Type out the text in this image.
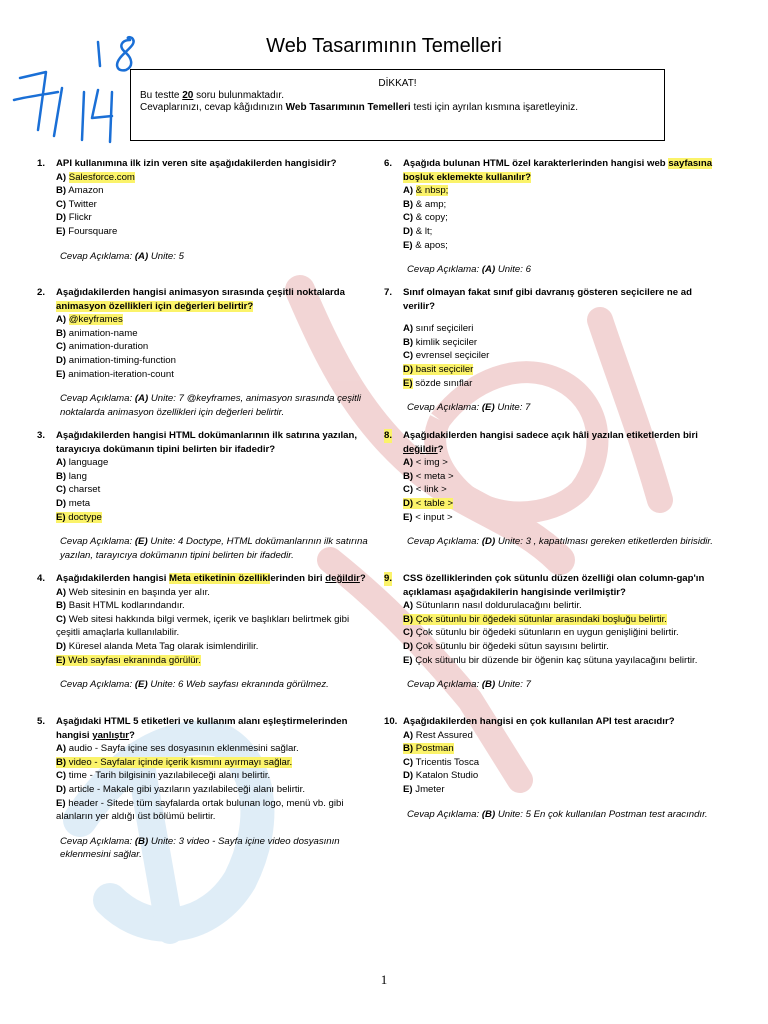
18
Web Tasarımının Temelleri
DİKKAT!
Bu testte 20 soru bulunmaktadır.
Cevaplarınızı, cevap kâğıdınızın Web Tasarımının Temelleri testi için ayrılan kısmına işaretleyiniz.
1. API kullanımına ilk izin veren site aşağıdakilerden hangisidir?
A) Salesforce.com
B) Amazon
C) Twitter
D) Flickr
E) Foursquare
Cevap Açıklama: (A) Unite: 5
2. Aşağıdakilerden hangisi animasyon sırasında çeşitli noktalarda animasyon özellikleri için değerleri belirtir?
A) @keyframes
B) animation-name
C) animation-duration
D) animation-timing-function
E) animation-iteration-count
Cevap Açıklama: (A) Unite: 7 @keyframes, animasyon sırasında çeşitli noktalarda animasyon özellikleri için değerleri belirtir.
3. Aşağıdakilerden hangisi HTML dokümanlarının ilk satırına yazılan, tarayıcıya dokümanın tipini belirten bir ifadedir?
A) language
B) lang
C) charset
D) meta
E) doctype
Cevap Açıklama: (E) Unite: 4 Doctype, HTML dokümanlarının ilk satırına yazılan, tarayıcıya dokümanın tipini belirten bir ifadedir.
4. Aşağıdakilerden hangisi Meta etiketinin özelliklerinden biri değildir?
A) Web sitesinin en başında yer alır.
B) Basit HTML kodlarındandır.
C) Web sitesi hakkında bilgi vermek, içerik ve başlıkları belirtmek gibi çeşitli amaçlarla kullanılabilir.
D) Küresel alanda Meta Tag olarak isimlendirilir.
E) Web sayfası ekranında görülür.
Cevap Açıklama: (E) Unite: 6 Web sayfası ekranında görülmez.
5. Aşağıdaki HTML 5 etiketleri ve kullanım alanı eşleştirmelerinden hangisi yanlıştır?
A) audio - Sayfa içine ses dosyasının eklenmesini sağlar.
B) video - Sayfalar içinde içerik kısmını ayırmayı sağlar.
C) time - Tarih bilgisinin yazılabileceği alanı belirtir.
D) article - Makale gibi yazıların yazılabileceği alanı belirtir.
E) header - Sitede tüm sayfalarda ortak bulunan logo, menü vb. gibi alanların yer aldığı üst bölümü belirtir.
Cevap Açıklama: (B) Unite: 3 video - Sayfa içine video dosyasının eklenmesini sağlar.
6. Aşağıda bulunan HTML özel karakterlerinden hangisi web sayfasına boşluk eklemekte kullanılır?
A) & nbsp;
B) & amp;
C) & copy;
D) & lt;
E) & apos;
Cevap Açıklama: (A) Unite: 6
7. Sınıf olmayan fakat sınıf gibi davranış gösteren seçicilere ne ad verilir?
A) sınıf seçicileri
B) kimlik seçiciler
C) evrensel seçiciler
D) basit seçiciler
E) sözde sınıflar
Cevap Açıklama: (E) Unite: 7
8. Aşağıdakilerden hangisi sadece açık hâli yazılan etiketlerden biri değildir?
A) < img >
B) < meta >
C) < link >
D) < table >
E) < input >
Cevap Açıklama: (D) Unite: 3 , kapatılması gereken etiketlerden birisidir.
9. CSS özelliklerinden çok sütunlu düzen özelliği olan column-gap'ın açıklaması aşağıdakilerin hangisinde verilmiştir?
A) Sütunların nasıl doldurulacağını belirtir.
B) Çok sütunlu bir öğedeki sütunlar arasındaki boşluğu belirtir.
C) Çok sütunlu bir öğedeki sütunların en uygun genişliğini belirtir.
D) Çok sütunlu bir öğedeki sütun sayısını belirtir.
E) Çok sütunlu bir düzende bir öğenin kaç sütuna yayılacağını belirtir.
Cevap Açıklama: (B) Unite: 7
10. Aşağıdakilerden hangisi en çok kullanılan API test aracıdır?
A) Rest Assured
B) Postman
C) Tricentis Tosca
D) Katalon Studio
E) Jmeter
Cevap Açıklama: (B) Unite: 5 En çok kullanılan Postman test aracındır.
1
